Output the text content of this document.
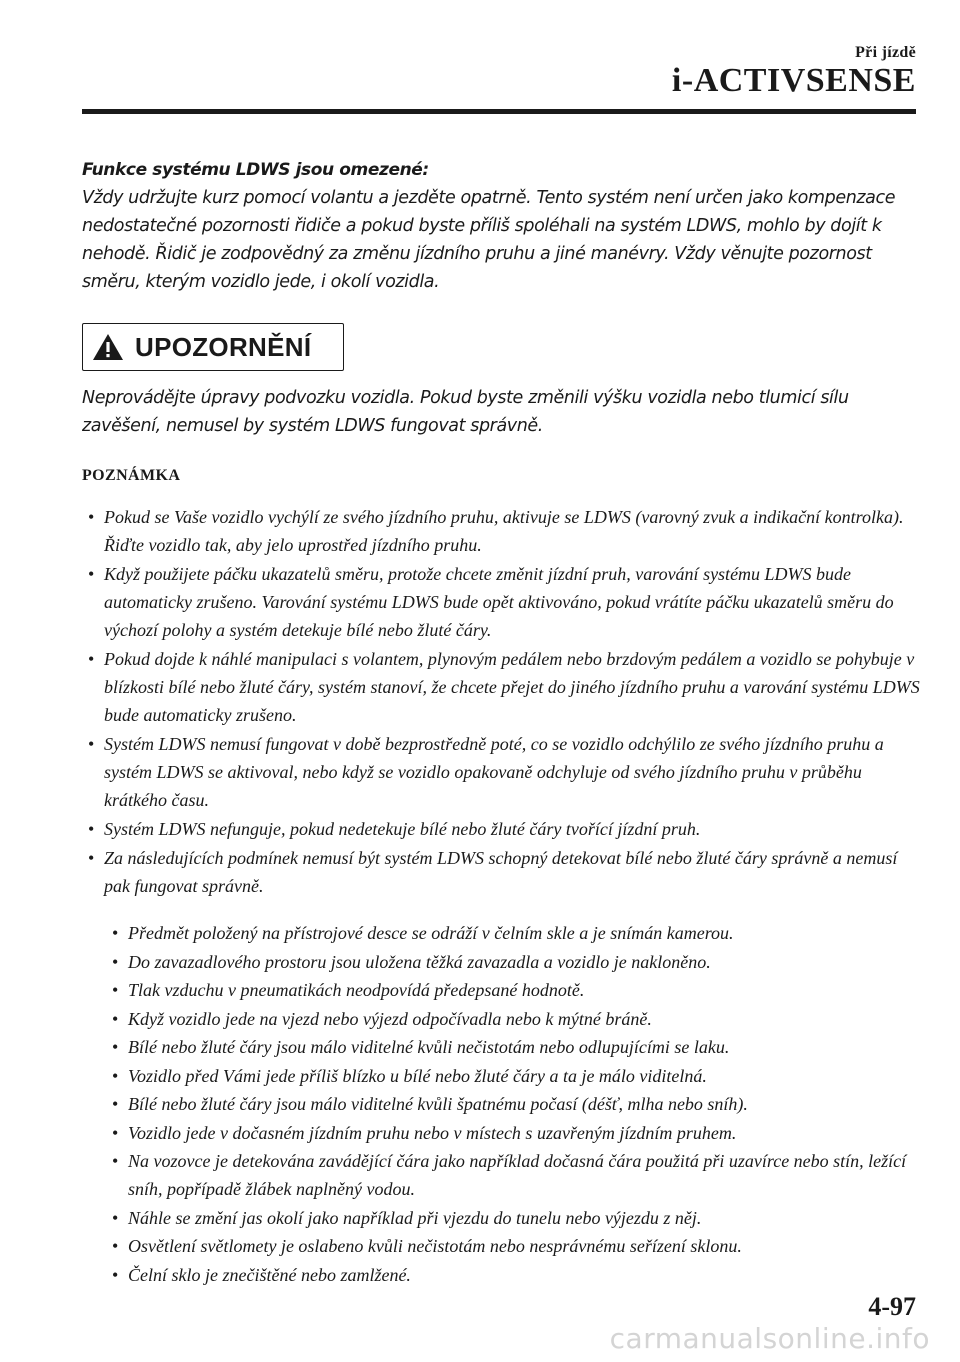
Při jízdě
i-ACTIVSENSE
Funkce systému LDWS jsou omezené:
Vždy udržujte kurz pomocí volantu a jezděte opatrně. Tento systém není určen jako kompenzace nedostatečné pozornosti řidiče a pokud byste příliš spoléhali na systém LDWS, mohlo by dojít k nehodě. Řidič je zodpovědný za změnu jízdního pruhu a jiné manévry. Vždy věnujte pozornost směru, kterým vozidlo jede, i okolí vozidla.
UPOZORNĚNÍ
Neprovádějte úpravy podvozku vozidla. Pokud byste změnili výšku vozidla nebo tlumicí sílu zavěšení, nemusel by systém LDWS fungovat správně.
POZNÁMKA
• Pokud se Vaše vozidlo vychýlí ze svého jízdního pruhu, aktivuje se LDWS (varovný zvuk a indikační kontrolka). Řiďte vozidlo tak, aby jelo uprostřed jízdního pruhu.
• Když použijete páčku ukazatelů směru, protože chcete změnit jízdní pruh, varování systému LDWS bude automaticky zrušeno. Varování systému LDWS bude opět aktivováno, pokud vrátíte páčku ukazatelů směru do výchozí polohy a systém detekuje bílé nebo žluté čáry.
• Pokud dojde k náhlé manipulaci s volantem, plynovým pedálem nebo brzdovým pedálem a vozidlo se pohybuje v blízkosti bílé nebo žluté čáry, systém stanoví, že chcete přejet do jiného jízdního pruhu a varování systému LDWS bude automaticky zrušeno.
• Systém LDWS nemusí fungovat v době bezprostředně poté, co se vozidlo odchýlilo ze svého jízdního pruhu a systém LDWS se aktivoval, nebo když se vozidlo opakovaně odchyluje od svého jízdního pruhu v průběhu krátkého času.
• Systém LDWS nefunguje, pokud nedetekuje bílé nebo žluté čáry tvořící jízdní pruh.
• Za následujících podmínek nemusí být systém LDWS schopný detekovat bílé nebo žluté čáry správně a nemusí pak fungovat správně.
• Předmět položený na přístrojové desce se odráží v čelním skle a je snímán kamerou.
• Do zavazadlového prostoru jsou uložena těžká zavazadla a vozidlo je nakloněno.
• Tlak vzduchu v pneumatikách neodpovídá předepsané hodnotě.
• Když vozidlo jede na vjezd nebo výjezd odpočívadla nebo k mýtné bráně.
• Bílé nebo žluté čáry jsou málo viditelné kvůli nečistotám nebo odlupujícími se laku.
• Vozidlo před Vámi jede příliš blízko u bílé nebo žluté čáry a ta je málo viditelná.
• Bílé nebo žluté čáry jsou málo viditelné kvůli špatnému počasí (déšť, mlha nebo sníh).
• Vozidlo jede v dočasném jízdním pruhu nebo v místech s uzavřeným jízdním pruhem.
• Na vozovce je detekována zavádějící čára jako například dočasná čára použitá při uzavírce nebo stín, ležící sníh, popřípadě žlábek naplněný vodou.
• Náhle se změní jas okolí jako například při vjezdu do tunelu nebo výjezdu z něj.
• Osvětlení světlomety je oslabeno kvůli nečistotám nebo nesprávnému seřízení sklonu.
• Čelní sklo je znečištěné nebo zamlžené.
4-97
carmanualsonline.info
